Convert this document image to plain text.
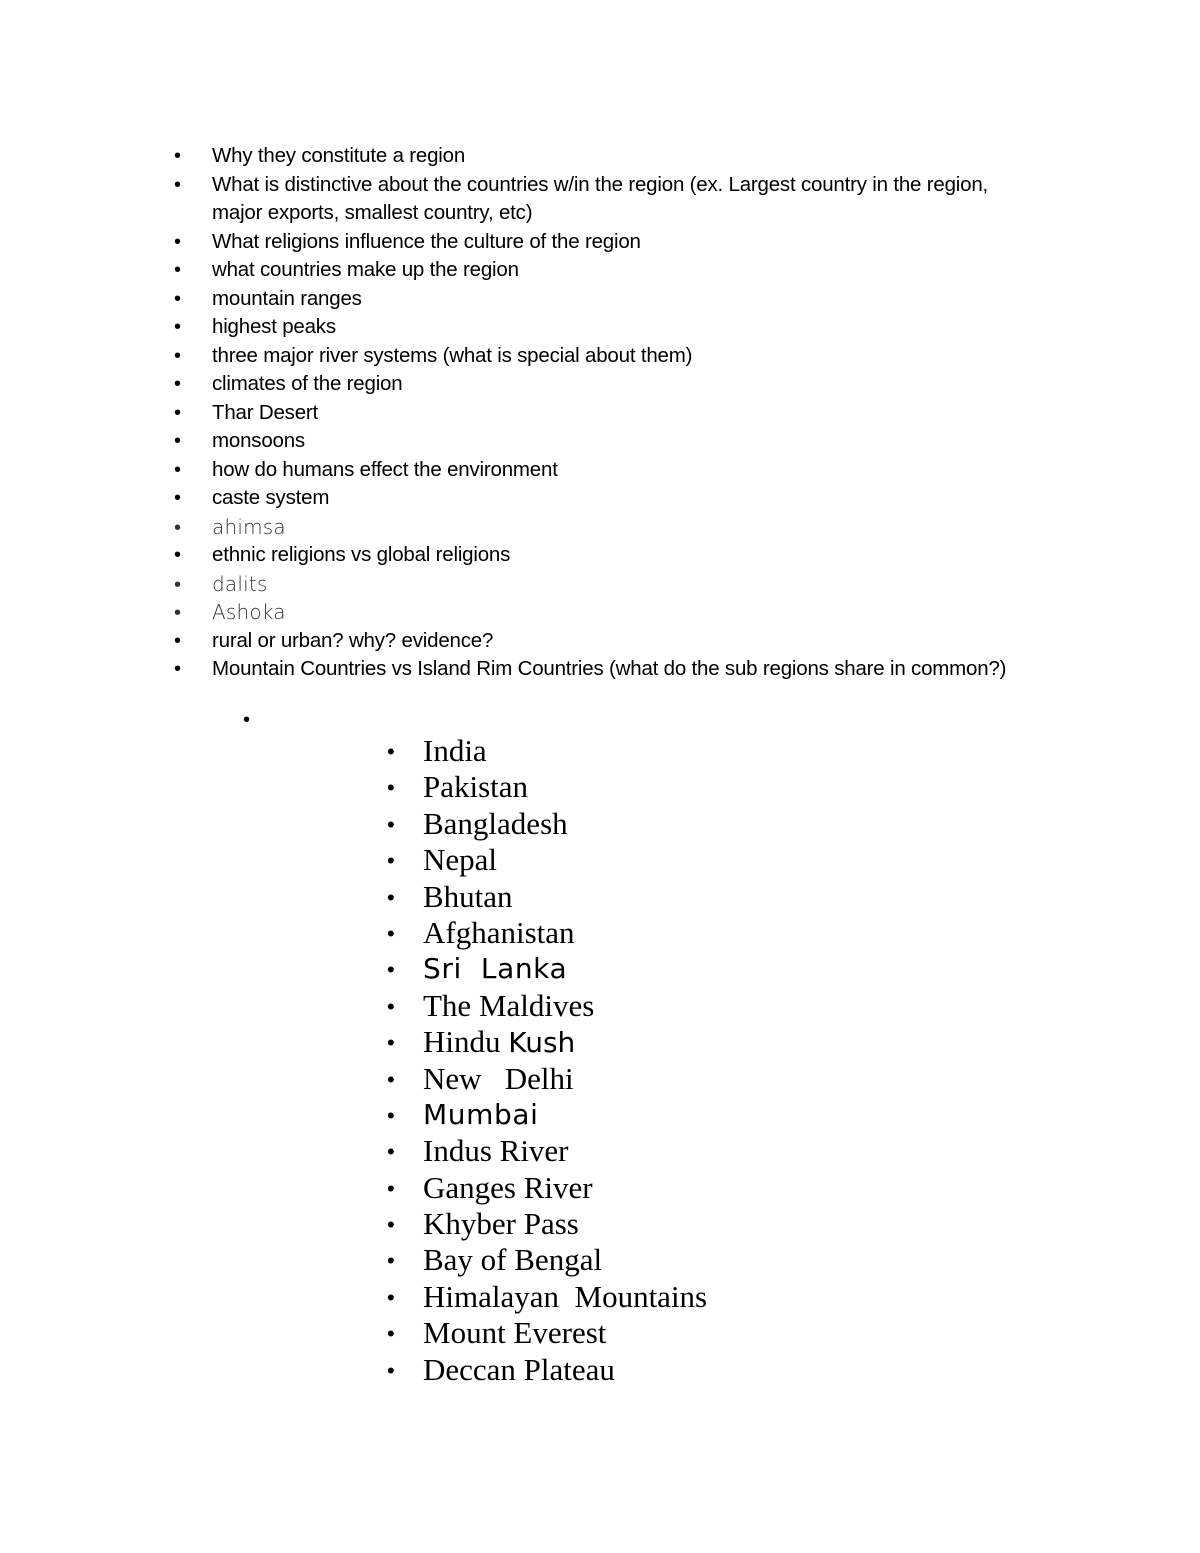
• Why they constitute a region
• What is distinctive about the countries w/in the region (ex. Largest country in the region, major exports, smallest country, etc)
• What religions influence the culture of the region
• what countries make up the region
• mountain ranges
• highest peaks
• three major river systems (what is special about them)
• climates of the region
• Thar Desert
• monsoons
• how do humans effect the environment
• caste system
• ahimsa
• ethnic religions vs global religions
• dalits
• Ashoka
• rural or urban? why? evidence?
• Mountain Countries vs Island Rim Countries (what do the sub regions share in common?)
•
• India
• Pakistan
• Bangladesh
• Nepal
• Bhutan
• Afghanistan
• Sri  Lanka
• The Maldives
• Hindu Kush
• New   Delhi
• Mumbai
• Indus River
• Ganges River
• Khyber Pass
• Bay of Bengal
• Himalayan  Mountains
• Mount Everest
• Deccan Plateau
